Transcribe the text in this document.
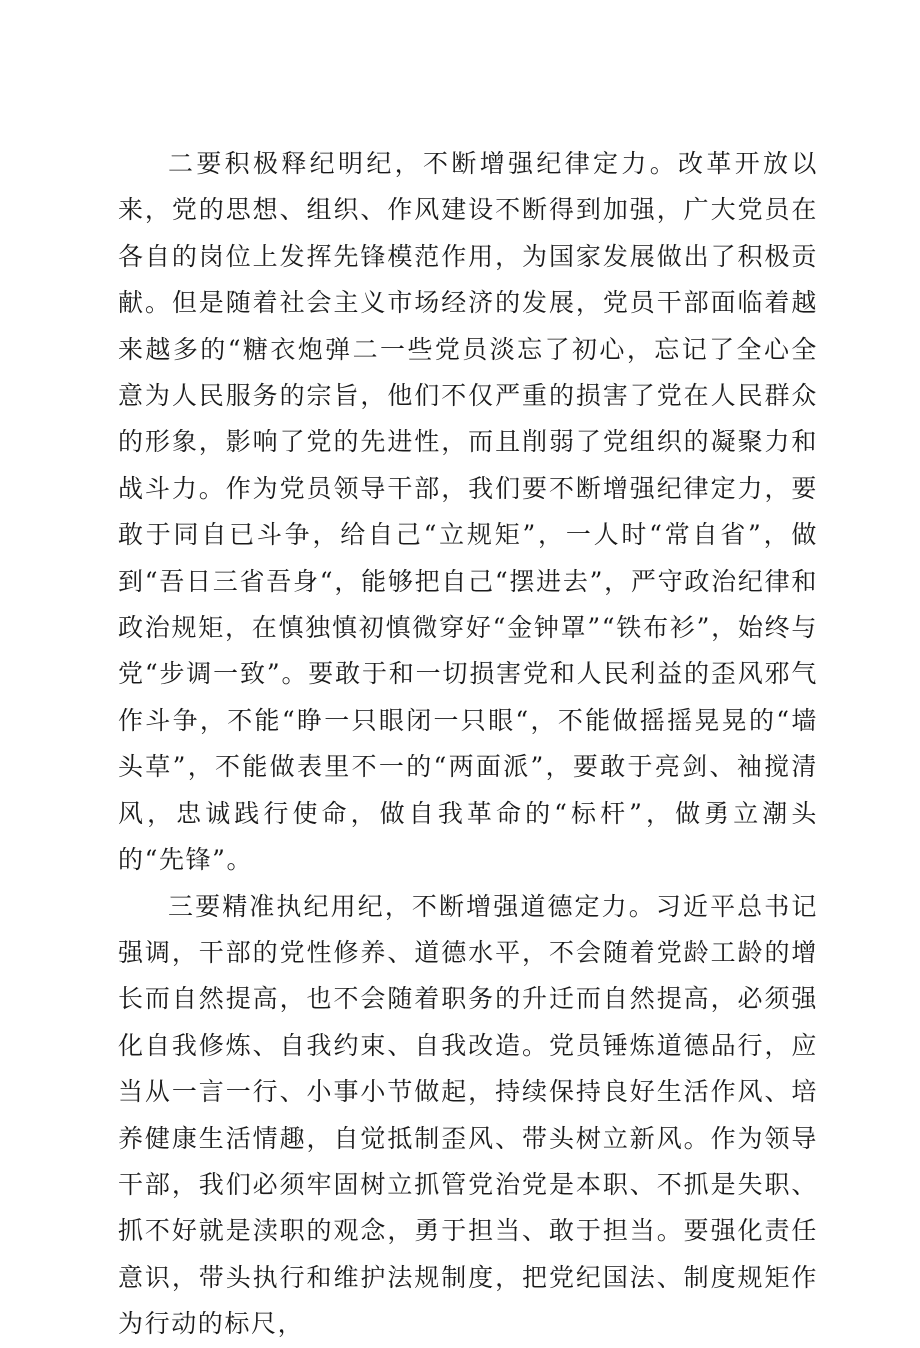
二要积极释纪明纪，不断增强纪律定力。改革开放以来，党的思想、组织、作风建设不断得到加强，广大党员在各自的岗位上发挥先锋模范作用，为国家发展做出了积极贡献。但是随着社会主义市场经济的发展，党员干部面临着越来越多的“糖衣炮弹二一些党员淡忘了初心，忘记了全心全意为人民服务的宗旨，他们不仅严重的损害了党在人民群众的形象，影响了党的先进性，而且削弱了党组织的凝聚力和战斗力。作为党员领导干部，我们要不断增强纪律定力，要敢于同自已斗争，给自己“立规矩”，一人时“常自省”，做到“吾日三省吾身“，能够把自己“摆进去”，严守政治纪律和政治规矩，在慎独慎初慎微穿好“金钟罩”“铁布衫”，始终与党“步调一致”。要敢于和一切损害党和人民利益的歪风邪气作斗争，不能“睁一只眼闭一只眼“，不能做摇摇晃晃的“墙头草”，不能做表里不一的“两面派”，要敢于亮剑、袖搅清风，忠诚践行使命，做自我革命的“标杆”，做勇立潮头的“先锋”。

三要精准执纪用纪，不断增强道德定力。习近平总书记强调，干部的党性修养、道德水平，不会随着党龄工龄的增长而自然提高，也不会随着职务的升迁而自然提高，必须强化自我修炼、自我约束、自我改造。党员锤炼道德品行，应当从一言一行、小事小节做起，持续保持良好生活作风、培养健康生活情趣，自觉抵制歪风、带头树立新风。作为领导干部，我们必须牢固树立抓管党治党是本职、不抓是失职、抓不好就是渎职的观念，勇于担当、敢于担当。要强化责任意识，带头执行和维护法规制度，把党纪国法、制度规矩作为行动的标尺，
